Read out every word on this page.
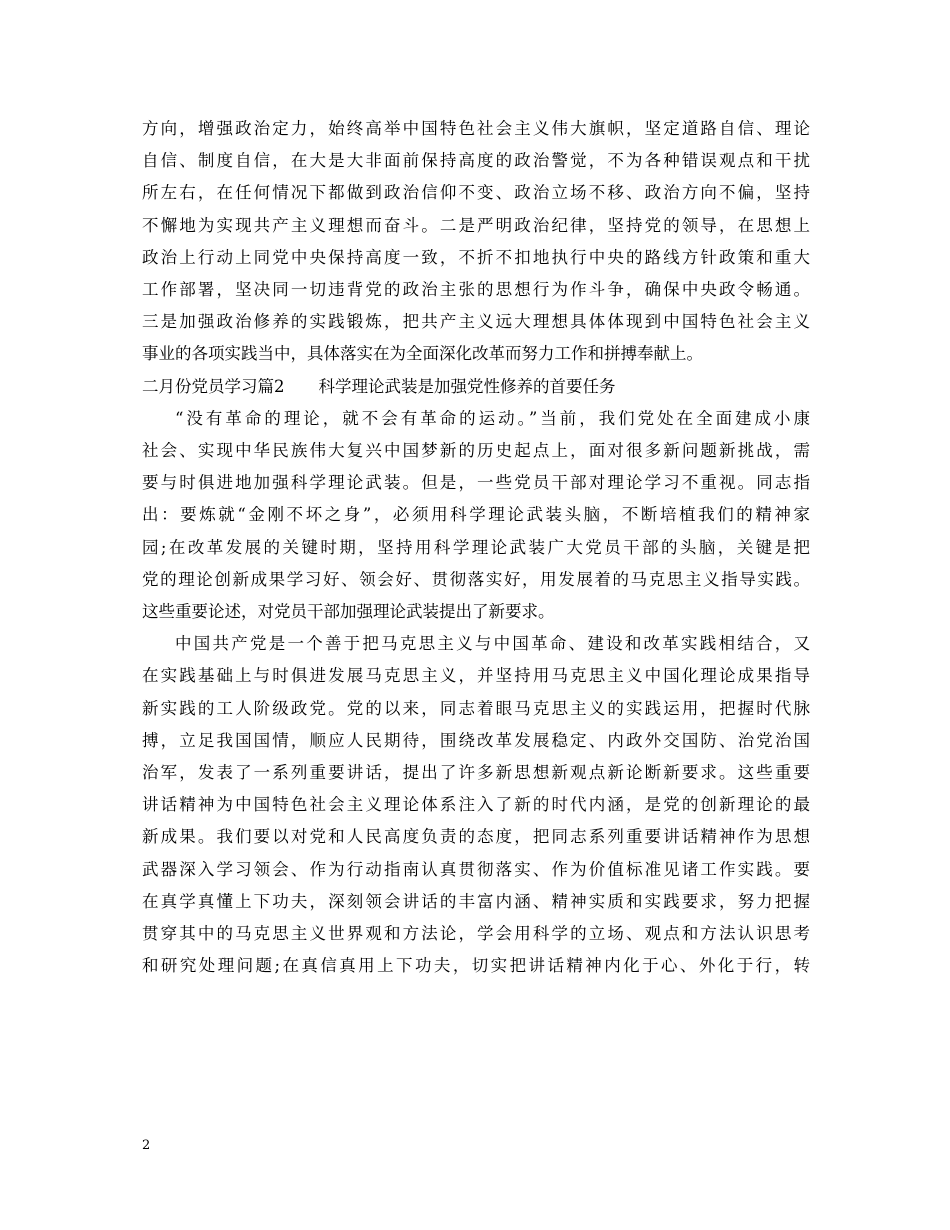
方向，增强政治定力，始终高举中国特色社会主义伟大旗帜，坚定道路自信、理论
自信、制度自信，在大是大非面前保持高度的政治警觉，不为各种错误观点和干扰
所左右，在任何情况下都做到政治信仰不变、政治立场不移、政治方向不偏，坚持
不懈地为实现共产主义理想而奋斗。二是严明政治纪律，坚持党的领导，在思想上
政治上行动上同党中央保持高度一致，不折不扣地执行中央的路线方针政策和重大
工作部署，坚决同一切违背党的政治主张的思想行为作斗争，确保中央政令畅通。
三是加强政治修养的实践锻炼，把共产主义远大理想具体体现到中国特色社会主义
事业的各项实践当中，具体落实在为全面深化改革而努力工作和拼搏奉献上。

二月份党员学习篇2 科学理论武装是加强党性修养的首要任务

“没有革命的理论，就不会有革命的运动。”当前，我们党处在全面建成小康
社会、实现中华民族伟大复兴中国梦新的历史起点上，面对很多新问题新挑战，需
要与时俱进地加强科学理论武装。但是，一些党员干部对理论学习不重视。同志指
出：要炼就“金刚不坏之身”，必须用科学理论武装头脑，不断培植我们的精神家
园;在改革发展的关键时期，坚持用科学理论武装广大党员干部的头脑，关键是把
党的理论创新成果学习好、领会好、贯彻落实好，用发展着的马克思主义指导实践。
这些重要论述，对党员干部加强理论武装提出了新要求。

中国共产党是一个善于把马克思主义与中国革命、建设和改革实践相结合，又
在实践基础上与时俱进发展马克思主义，并坚持用马克思主义中国化理论成果指导
新实践的工人阶级政党。党的以来，同志着眼马克思主义的实践运用，把握时代脉
搏，立足我国国情，顺应人民期待，围绕改革发展稳定、内政外交国防、治党治国
治军，发表了一系列重要讲话，提出了许多新思想新观点新论断新要求。这些重要
讲话精神为中国特色社会主义理论体系注入了新的时代内涵，是党的创新理论的最
新成果。我们要以对党和人民高度负责的态度，把同志系列重要讲话精神作为思想
武器深入学习领会、作为行动指南认真贯彻落实、作为价值标准见诸工作实践。要
在真学真懂上下功夫，深刻领会讲话的丰富内涵、精神实质和实践要求，努力把握
贯穿其中的马克思主义世界观和方法论，学会用科学的立场、观点和方法认识思考
和研究处理问题;在真信真用上下功夫，切实把讲话精神内化于心、外化于行，转

2
